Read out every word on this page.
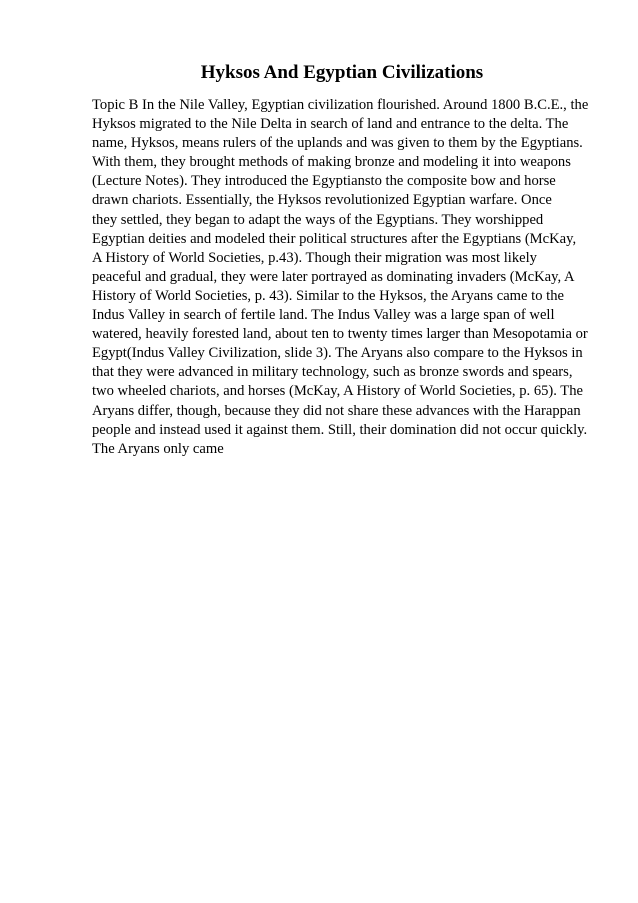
Hyksos And Egyptian Civilizations
Topic B In the Nile Valley, Egyptian civilization flourished. Around 1800 B.C.E., the
Hyksos migrated to the Nile Delta in search of land and entrance to the delta. The
name, Hyksos, means rulers of the uplands and was given to them by the Egyptians.
With them, they brought methods of making bronze and modeling it into weapons
(Lecture Notes). They introduced the Egyptiansto the composite bow and horse
drawn chariots. Essentially, the Hyksos revolutionized Egyptian warfare. Once
they settled, they began to adapt the ways of the Egyptians. They worshipped
Egyptian deities and modeled their political structures after the Egyptians (McKay,
A History of World Societies, p.43). Though their migration was most likely
peaceful and gradual, they were later portrayed as dominating invaders (McKay, A
History of World Societies, p. 43). Similar to the Hyksos, the Aryans came to the
Indus Valley in search of fertile land. The Indus Valley was a large span of well
watered, heavily forested land, about ten to twenty times larger than Mesopotamia or
Egypt(Indus Valley Civilization, slide 3). The Aryans also compare to the Hyksos in
that they were advanced in military technology, such as bronze swords and spears,
two wheeled chariots, and horses (McKay, A History of World Societies, p. 65). The
Aryans differ, though, because they did not share these advances with the Harappan
people and instead used it against them. Still, their domination did not occur quickly.
The Aryans only came
